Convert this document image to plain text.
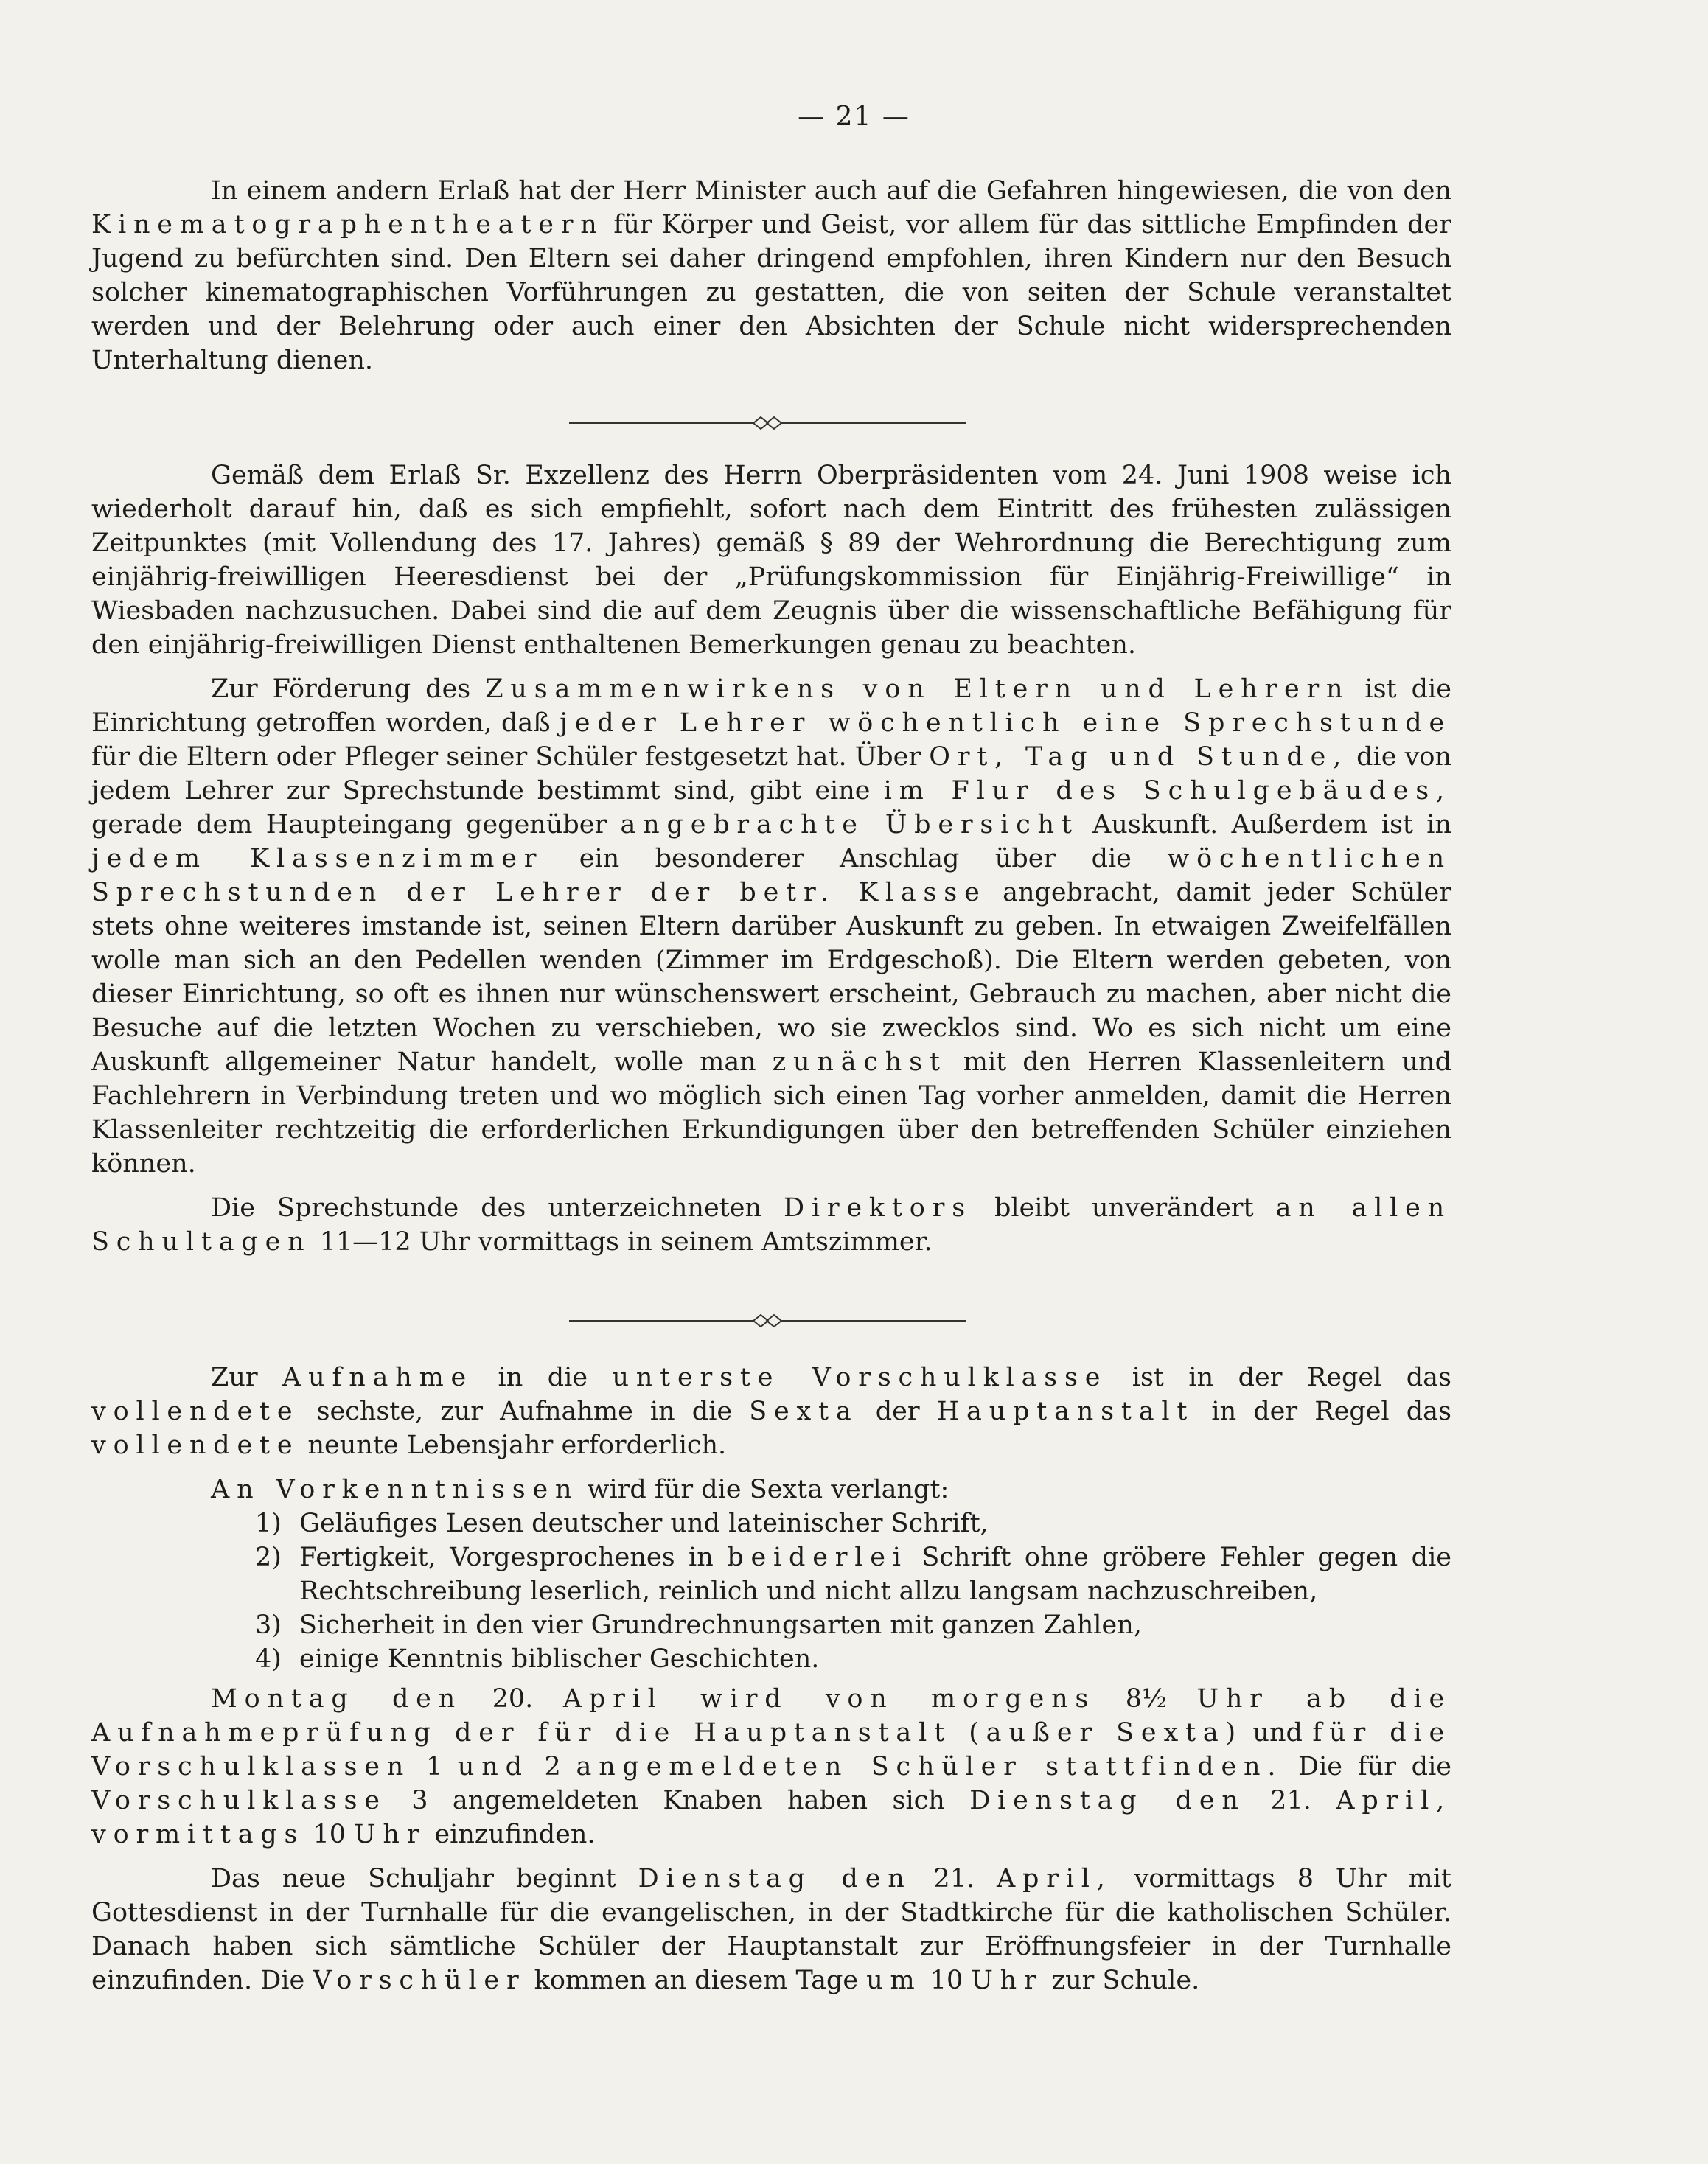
— 21 —

In einem andern Erlaß hat der Herr Minister auch auf die Gefahren hingewiesen, die von den Kinematographentheatern für Körper und Geist, vor allem für das sittliche Empfinden der Jugend zu befürchten sind. Den Eltern sei daher dringend empfohlen, ihren Kindern nur den Besuch solcher kinematographischen Vorführungen zu gestatten, die von seiten der Schule veranstaltet werden und der Belehrung oder auch einer den Absichten der Schule nicht widersprechenden Unterhaltung dienen.

Gemäß dem Erlaß Sr. Exzellenz des Herrn Oberpräsidenten vom 24. Juni 1908 weise ich wiederholt darauf hin, daß es sich empfiehlt, sofort nach dem Eintritt des frühesten zulässigen Zeitpunktes (mit Vollendung des 17. Jahres) gemäß § 89 der Wehrordnung die Berechtigung zum einjährig-freiwilligen Heeresdienst bei der „Prüfungskommission für Einjährig-Freiwillige“ in Wiesbaden nachzusuchen. Dabei sind die auf dem Zeugnis über die wissenschaftliche Befähigung für den einjährig-freiwilligen Dienst enthaltenen Bemerkungen genau zu beachten.

Zur Förderung des Zusammenwirkens von Eltern und Lehrern ist die Einrichtung getroffen worden, daß jeder Lehrer wöchentlich eine Sprechstunde für die Eltern oder Pfleger seiner Schüler festgesetzt hat. Über Ort, Tag und Stunde, die von jedem Lehrer zur Sprechstunde bestimmt sind, gibt eine im Flur des Schulgebäudes, gerade dem Haupteingang gegenüber angebrachte Übersicht Auskunft. Außerdem ist in jedem Klassenzimmer ein besonderer Anschlag über die wöchentlichen Sprechstunden der Lehrer der betr. Klasse angebracht, damit jeder Schüler stets ohne weiteres imstande ist, seinen Eltern darüber Auskunft zu geben. In etwaigen Zweifelfällen wolle man sich an den Pedellen wenden (Zimmer im Erdgeschoß). Die Eltern werden gebeten, von dieser Einrichtung, so oft es ihnen nur wünschenswert erscheint, Gebrauch zu machen, aber nicht die Besuche auf die letzten Wochen zu verschieben, wo sie zwecklos sind. Wo es sich nicht um eine Auskunft allgemeiner Natur handelt, wolle man zunächst mit den Herren Klassenleitern und Fachlehrern in Verbindung treten und wo möglich sich einen Tag vorher anmelden, damit die Herren Klassenleiter rechtzeitig die erforderlichen Erkundigungen über den betreffenden Schüler einziehen können.

Die Sprechstunde des unterzeichneten Direktors bleibt unverändert an allen Schultagen 11—12 Uhr vormittags in seinem Amtszimmer.

Zur Aufnahme in die unterste Vorschulklasse ist in der Regel das vollendete sechste, zur Aufnahme in die Sexta der Hauptanstalt in der Regel das vollendete neunte Lebensjahr erforderlich.

An Vorkenntnissen wird für die Sexta verlangt:

1) Geläufiges Lesen deutscher und lateinischer Schrift,
2) Fertigkeit, Vorgesprochenes in beiderlei Schrift ohne gröbere Fehler gegen die Rechtschreibung leserlich, reinlich und nicht allzu langsam nachzuschreiben,
3) Sicherheit in den vier Grundrechnungsarten mit ganzen Zahlen,
4) einige Kenntnis biblischer Geschichten.

Montag den 20. April wird von morgens 8½ Uhr ab die Aufnahmeprüfung der für die Hauptanstalt (außer Sexta) und für die Vorschulklassen 1 und 2 angemeldeten Schüler stattfinden. Die für die Vorschulklasse 3 angemeldeten Knaben haben sich Dienstag den 21. April, vormittags 10 Uhr einzufinden.

Das neue Schuljahr beginnt Dienstag den 21. April, vormittags 8 Uhr mit Gottesdienst in der Turnhalle für die evangelischen, in der Stadtkirche für die katholischen Schüler. Danach haben sich sämtliche Schüler der Hauptanstalt zur Eröffnungsfeier in der Turnhalle einzufinden. Die Vorschüler kommen an diesem Tage um 10 Uhr zur Schule.
